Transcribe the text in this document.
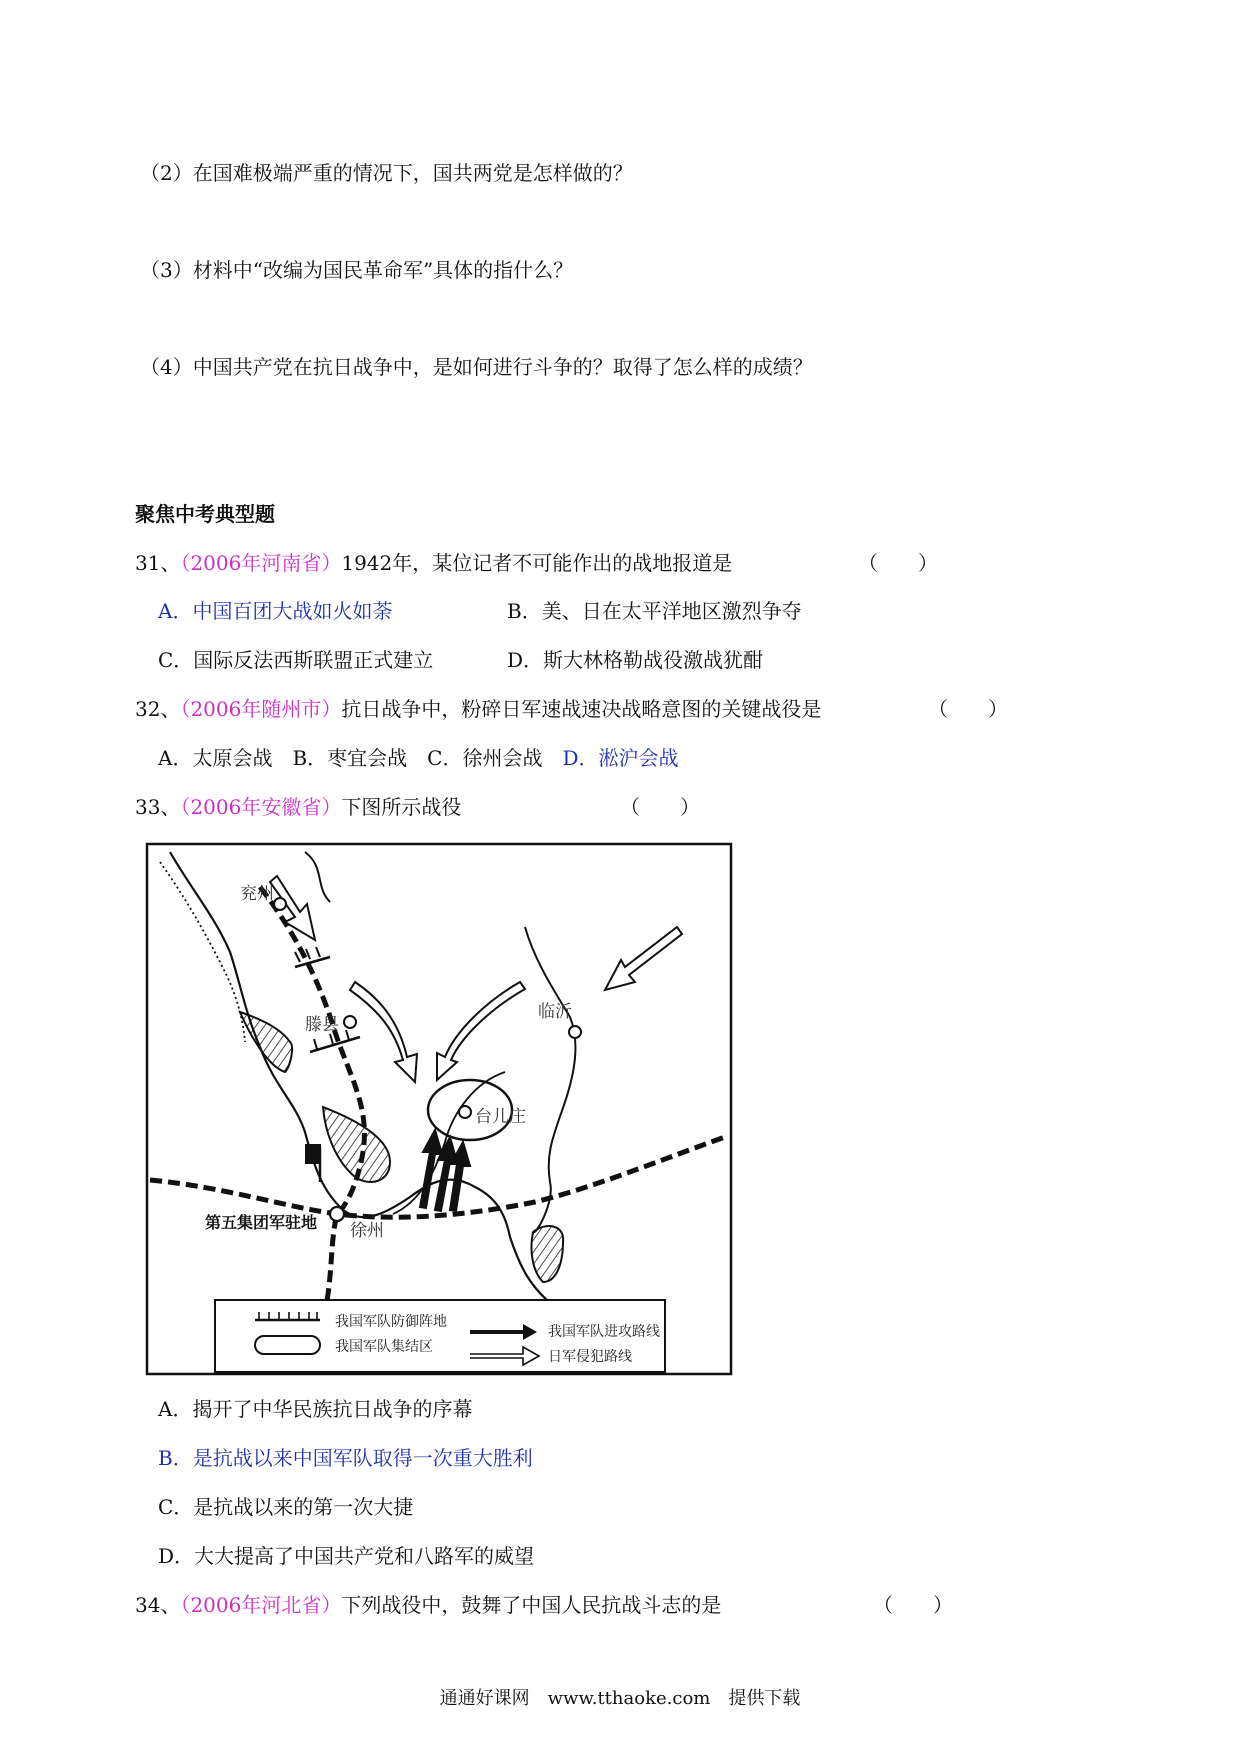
（2）在国难极端严重的情况下，国共两党是怎样做的？
（3）材料中“改编为国民革命军”具体的指什么？
（4）中国共产党在抗日战争中，是如何进行斗争的？取得了怎么样的成绩？
聚焦中考典型题
31、（2006年河南省）1942年，某位记者不可能作出的战地报道是	（　　）
A．中国百团大战如火如荼	B．美、日在太平洋地区激烈争夺
C．国际反法西斯联盟正式建立	D．斯大林格勒战役激战犹酣
32、（2006年随州市）抗日战争中，粉碎日军速战速决战略意图的关键战役是	（　　）
A．太原会战　B．枣宜会战　C．徐州会战　D．淞沪会战
33、（2006年安徽省）下图所示战役	（　　）
兖州
滕县
临沂
台儿庄
徐州
第五集团军驻地
我国军队防御阵地
我国军队集结区
我国军队进攻路线
日军侵犯路线
A．揭开了中华民族抗日战争的序幕
B．是抗战以来中国军队取得一次重大胜利
C．是抗战以来的第一次大捷
D．大大提高了中国共产党和八路军的威望
34、（2006年河北省）下列战役中，鼓舞了中国人民抗战斗志的是	（　　）
通通好课网　www.tthaoke.com　提供下载
